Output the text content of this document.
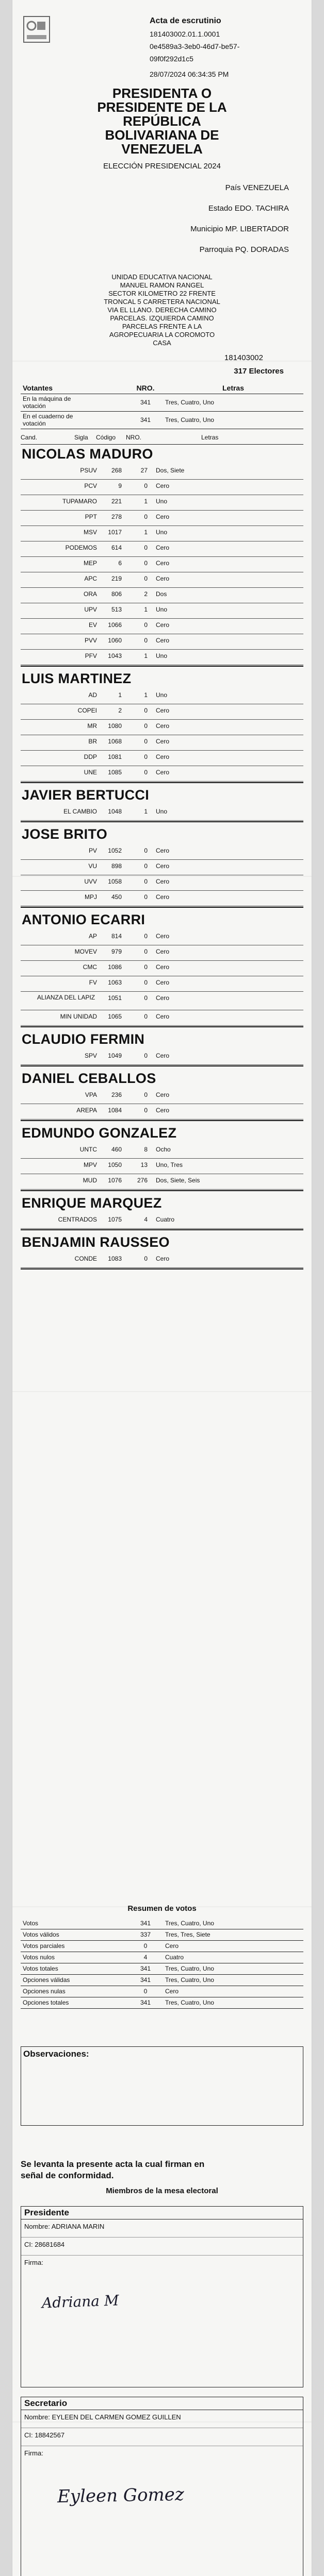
Acta de escrutinio
181403002.01.1.0001
0e4589a3-3eb0-46d7-be57-
09f0f292d1c5
28/07/2024 06:34:35 PM
PRESIDENTA O
PRESIDENTE DE LA
REPÚBLICA
BOLIVARIANA DE
VENEZUELA
ELECCIÓN PRESIDENCIAL 2024
País VENEZUELA
Estado EDO. TACHIRA
Municipio MP. LIBERTADOR
Parroquia PQ. DORADAS
UNIDAD EDUCATIVA NACIONAL
MANUEL RAMON RANGEL
SECTOR KILOMETRO 22 FRENTE
TRONCAL 5 CARRETERA NACIONAL
VIA EL LLANO. DERECHA CAMINO
PARCELAS. IZQUIERDA CAMINO
PARCELAS FRENTE A LA
AGROPECUARIA LA COROMOTO
CASA
181403002
317 Electores
Votantes	NRO.	Letras
En la máquina de
votación	341	Tres, Cuatro, Uno
En el cuaderno de
votación	341	Tres, Cuatro, Uno
Cand.	Sigla Código NRO.	Letras
NICOLAS MADURO
PSUV	268	27 Dos, Siete
PCV	9	0 Cero
TUPAMARO	221	1 Uno
PPT	278	0 Cero
MSV	1017	1 Uno
PODEMOS	614	0 Cero
MEP	6	0 Cero
APC	219	0 Cero
ORA	806	2 Dos
UPV	513	1 Uno
EV	1066	0 Cero
PVV	1060	0 Cero
PFV	1043	1 Uno
LUIS MARTINEZ
AD	1	1 Uno
COPEI	2	0 Cero
MR	1080	0 Cero
BR	1068	0 Cero
DDP	1081	0 Cero
UNE	1085	0 Cero
JAVIER BERTUCCI
EL CAMBIO	1048	1 Uno
JOSE BRITO
PV	1052	0 Cero
VU	898	0 Cero
UVV	1058	0 Cero
MPJ	450	0 Cero
ANTONIO ECARRI
AP	814	0 Cero
MOVEV	979	0 Cero
CMC	1086	0 Cero
FV	1063	0 Cero
ALIANZA DEL LAPIZ	1051	0 Cero
MIN UNIDAD	1065	0 Cero
CLAUDIO FERMIN
SPV	1049	0 Cero
DANIEL CEBALLOS
VPA	236	0 Cero
AREPA	1084	0 Cero
EDMUNDO GONZALEZ
UNTC	460	8 Ocho
MPV	1050	13 Uno, Tres
MUD	1076	276 Dos, Siete, Seis
ENRIQUE MARQUEZ
CENTRADOS	1075	4 Cuatro
BENJAMIN RAUSSEO
CONDE	1083	0 Cero
Resumen de votos
Votos	341	Tres, Cuatro, Uno
Votos válidos	337	Tres, Tres, Siete
Votos parciales	0	Cero
Votos nulos	4	Cuatro
Votos totales	341	Tres, Cuatro, Uno
Opciones válidas	341	Tres, Cuatro, Uno
Opciones nulas	0	Cero
Opciones totales	341	Tres, Cuatro, Uno
Observaciones:
Se levanta la presente acta la cual firman en
señal de conformidad.
Miembros de la mesa electoral
Presidente
Nombre: ADRIANA MARIN
CI: 28681684
Firma:
Adriana M
Secretario
Nombre: EYLEEN DEL CARMEN GOMEZ GUILLEN
CI: 18842567
Firma:
Eyleen Gomez
